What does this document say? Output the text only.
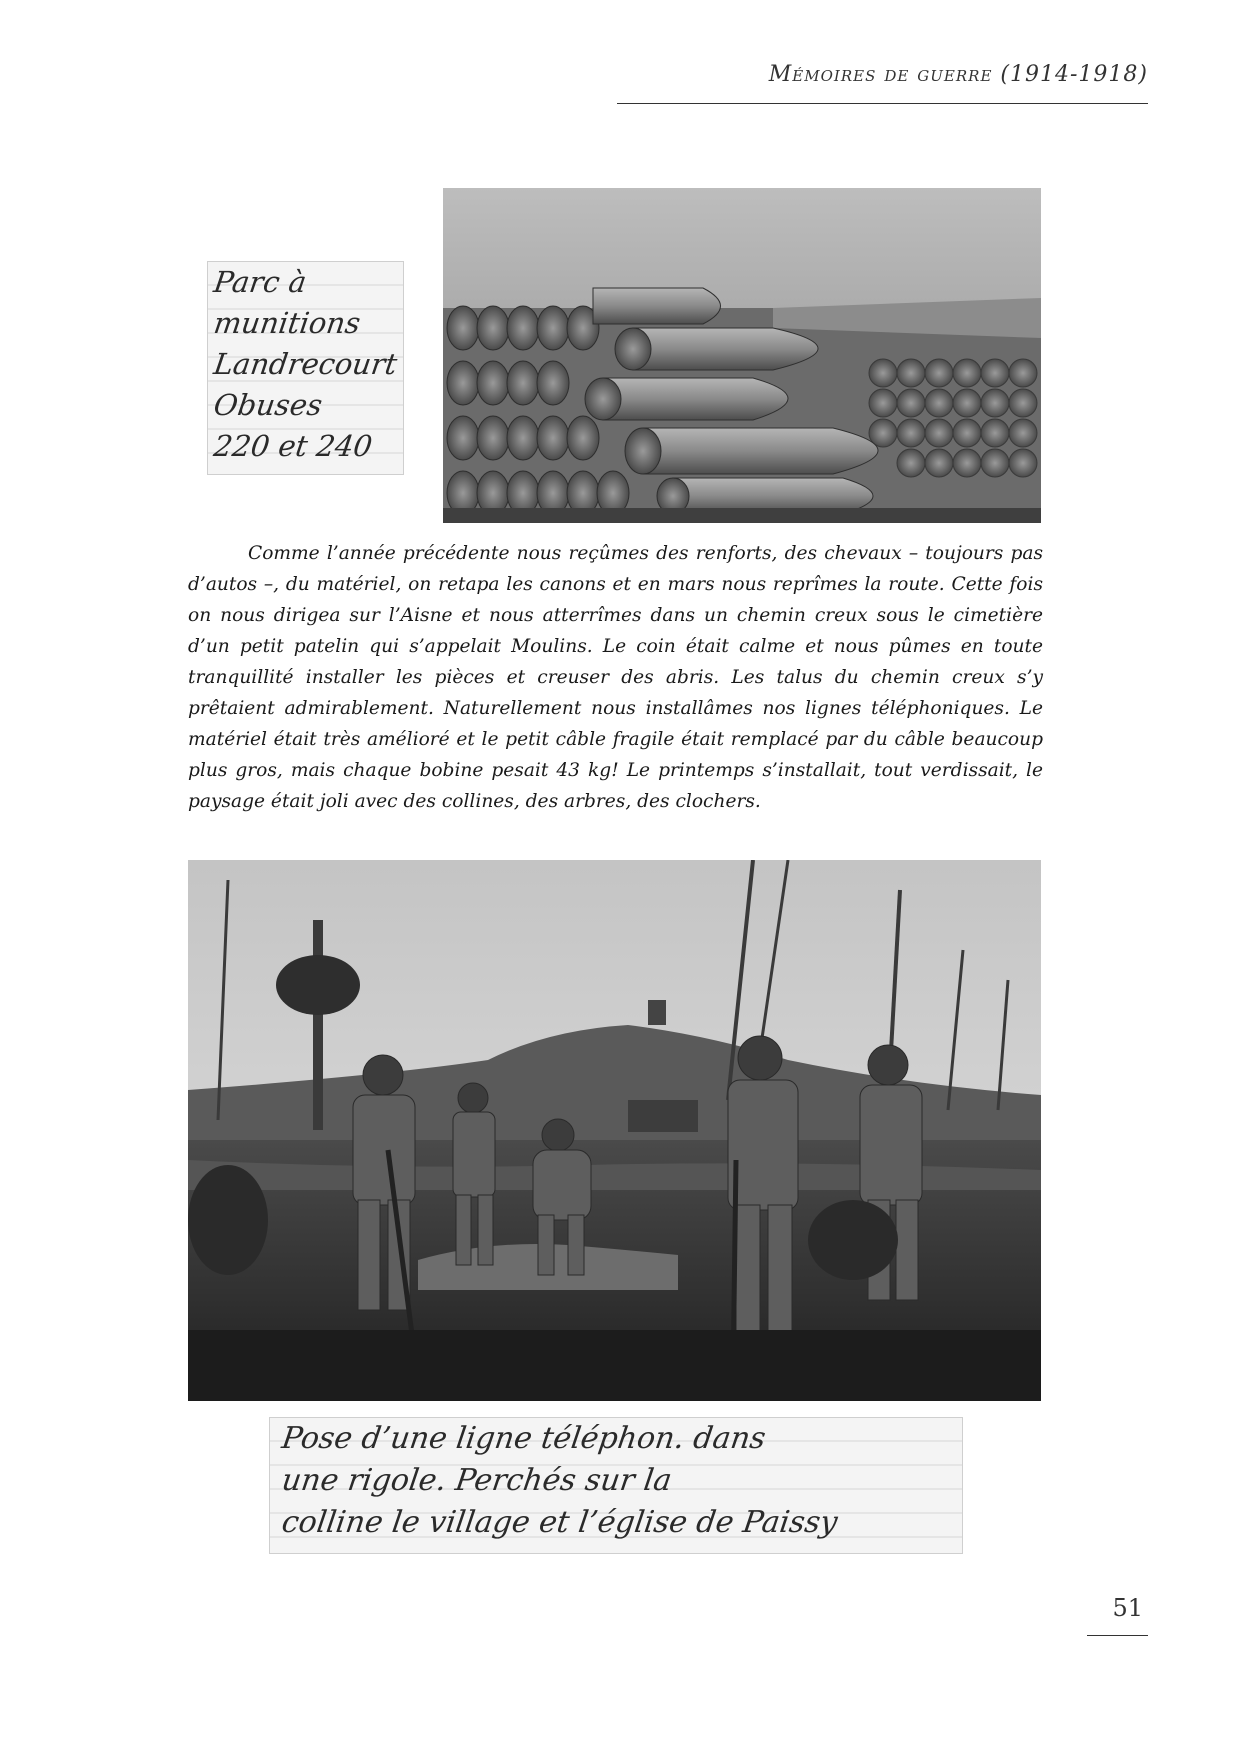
Mémoires de guerre (1914-1918)
Parc à
munitions
Landrecourt
Obuses
220 et 240
Comme l’année précédente nous reçûmes des renforts, des chevaux – toujours pas d’autos –, du matériel, on retapa les canons et en mars nous reprîmes la route. Cette fois on nous dirigea sur l’Aisne et nous atterrîmes dans un chemin creux sous le cimetière d’un petit patelin qui s’appelait Moulins. Le coin était calme et nous pûmes en toute tranquillité installer les pièces et creuser des abris. Les talus du chemin creux s’y prêtaient admirablement. Naturellement nous installâmes nos lignes téléphoniques. Le matériel était très amélioré et le petit câble fragile était remplacé par du câble beaucoup plus gros, mais chaque bobine pesait 43 kg! Le printemps s’installait, tout verdissait, le paysage était joli avec des collines, des arbres, des clochers.
Pose d’une ligne téléphon. dans
une rigole. Perchés sur la
colline le village et l’église de Paissy
51
